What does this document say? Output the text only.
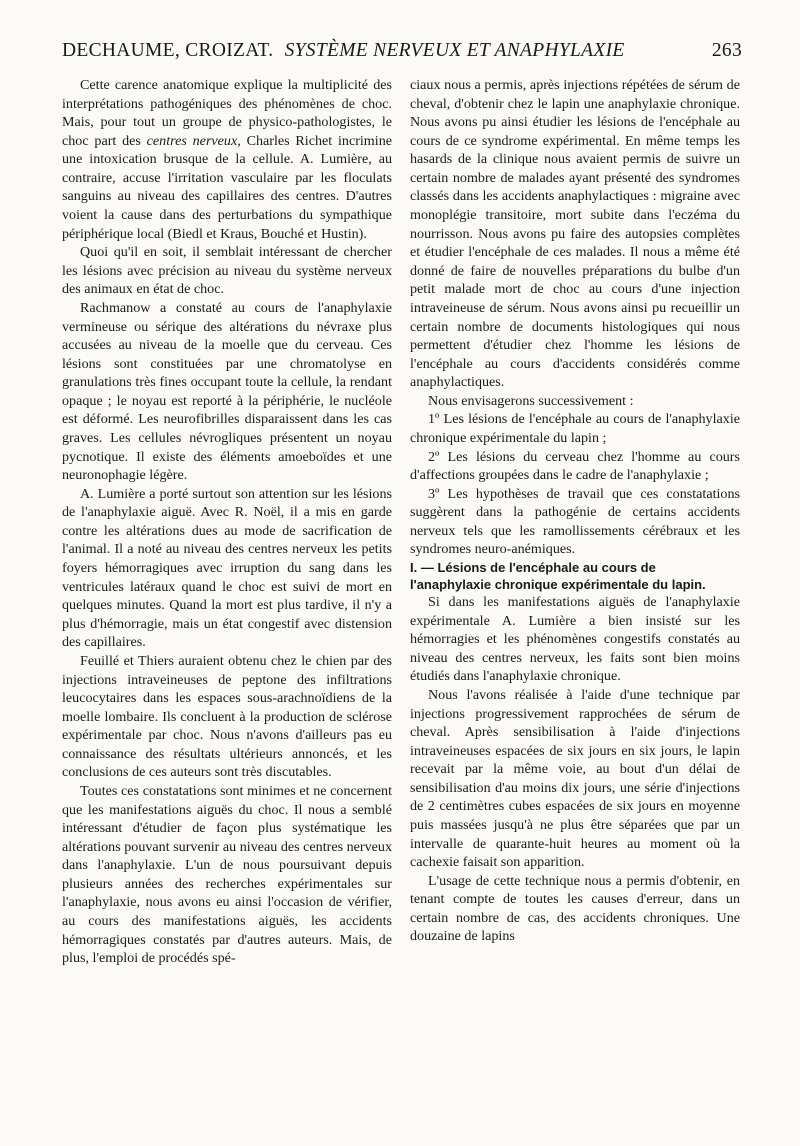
DECHAUME, CROIZAT. SYSTÈME NERVEUX ET ANAPHYLAXIE	263

Cette carence anatomique explique la multiplicité des interprétations pathogéniques des phénomènes de choc. Mais, pour tout un groupe de physico-pathologistes, le choc part des centres nerveux, Charles Richet incrimine une intoxication brusque de la cellule. A. Lumière, au contraire, accuse l'irritation vasculaire par les floculats sanguins au niveau des capillaires des centres. D'autres voient la cause dans des perturbations du sympathique périphérique local (Biedl et Kraus, Bouché et Hustin).

Quoi qu'il en soit, il semblait intéressant de chercher les lésions avec précision au niveau du système nerveux des animaux en état de choc.

Rachmanow a constaté au cours de l'anaphylaxie vermineuse ou sérique des altérations du névraxe plus accusées au niveau de la moelle que du cerveau. Ces lésions sont constituées par une chromatolyse en granulations très fines occupant toute la cellule, la rendant opaque ; le noyau est reporté à la périphérie, le nucléole est déformé. Les neurofibrilles disparaissent dans les cas graves. Les cellules névrogliques présentent un noyau pycnotique. Il existe des éléments amoeboïdes et une neuronophagie légère.

A. Lumière a porté surtout son attention sur les lésions de l'anaphylaxie aiguë. Avec R. Noël, il a mis en garde contre les altérations dues au mode de sacrification de l'animal. Il a noté au niveau des centres nerveux les petits foyers hémorragiques avec irruption du sang dans les ventricules latéraux quand le choc est suivi de mort en quelques minutes. Quand la mort est plus tardive, il n'y a plus d'hémorragie, mais un état congestif avec distension des capillaires.

Feuillé et Thiers auraient obtenu chez le chien par des injections intraveineuses de peptone des infiltrations leucocytaires dans les espaces sous-arachnoïdiens de la moelle lombaire. Ils concluent à la production de sclérose expérimentale par choc. Nous n'avons d'ailleurs pas eu connaissance des résultats ultérieurs annoncés, et les conclusions de ces auteurs sont très discutables.

Toutes ces constatations sont minimes et ne concernent que les manifestations aiguës du choc. Il nous a semblé intéressant d'étudier de façon plus systématique les altérations pouvant survenir au niveau des centres nerveux dans l'anaphylaxie. L'un de nous poursuivant depuis plusieurs années des recherches expérimentales sur l'anaphylaxie, nous avons eu ainsi l'occasion de vérifier, au cours des manifestations aiguës, les accidents hémorragiques constatés par d'autres auteurs. Mais, de plus, l'emploi de procédés spé-

ciaux nous a permis, après injections répétées de sérum de cheval, d'obtenir chez le lapin une anaphylaxie chronique. Nous avons pu ainsi étudier les lésions de l'encéphale au cours de ce syndrome expérimental. En même temps les hasards de la clinique nous avaient permis de suivre un certain nombre de malades ayant présenté des syndromes classés dans les accidents anaphylactiques : migraine avec monoplégie transitoire, mort subite dans l'eczéma du nourrisson. Nous avons pu faire des autopsies complètes et étudier l'encéphale de ces malades. Il nous a même été donné de faire de nouvelles préparations du bulbe d'un petit malade mort de choc au cours d'une injection intraveineuse de sérum. Nous avons ainsi pu recueillir un certain nombre de documents histologiques qui nous permettent d'étudier chez l'homme les lésions de l'encéphale au cours d'accidents considérés comme anaphylactiques.

Nous envisagerons successivement :

1º Les lésions de l'encéphale au cours de l'anaphylaxie chronique expérimentale du lapin ;

2º Les lésions du cerveau chez l'homme au cours d'affections groupées dans le cadre de l'anaphylaxie ;

3º Les hypothèses de travail que ces constatations suggèrent dans la pathogénie de certains accidents nerveux tels que les ramollissements cérébraux et les syndromes neuro-anémiques.

I. — Lésions de l'encéphale au cours de l'anaphylaxie chronique expérimentale du lapin.

Si dans les manifestations aiguës de l'anaphylaxie expérimentale A. Lumière a bien insisté sur les hémorragies et les phénomènes congestifs constatés au niveau des centres nerveux, les faits sont bien moins étudiés dans l'anaphylaxie chronique.

Nous l'avons réalisée à l'aide d'une technique par injections progressivement rapprochées de sérum de cheval. Après sensibilisation à l'aide d'injections intraveineuses espacées de six jours en six jours, le lapin recevait par la même voie, au bout d'un délai de sensibilisation d'au moins dix jours, une série d'injections de 2 centimètres cubes espacées de six jours en moyenne puis massées jusqu'à ne plus être séparées que par un intervalle de quarante-huit heures au moment où la cachexie faisait son apparition.

L'usage de cette technique nous a permis d'obtenir, en tenant compte de toutes les causes d'erreur, dans un certain nombre de cas, des accidents chroniques. Une douzaine de lapins
